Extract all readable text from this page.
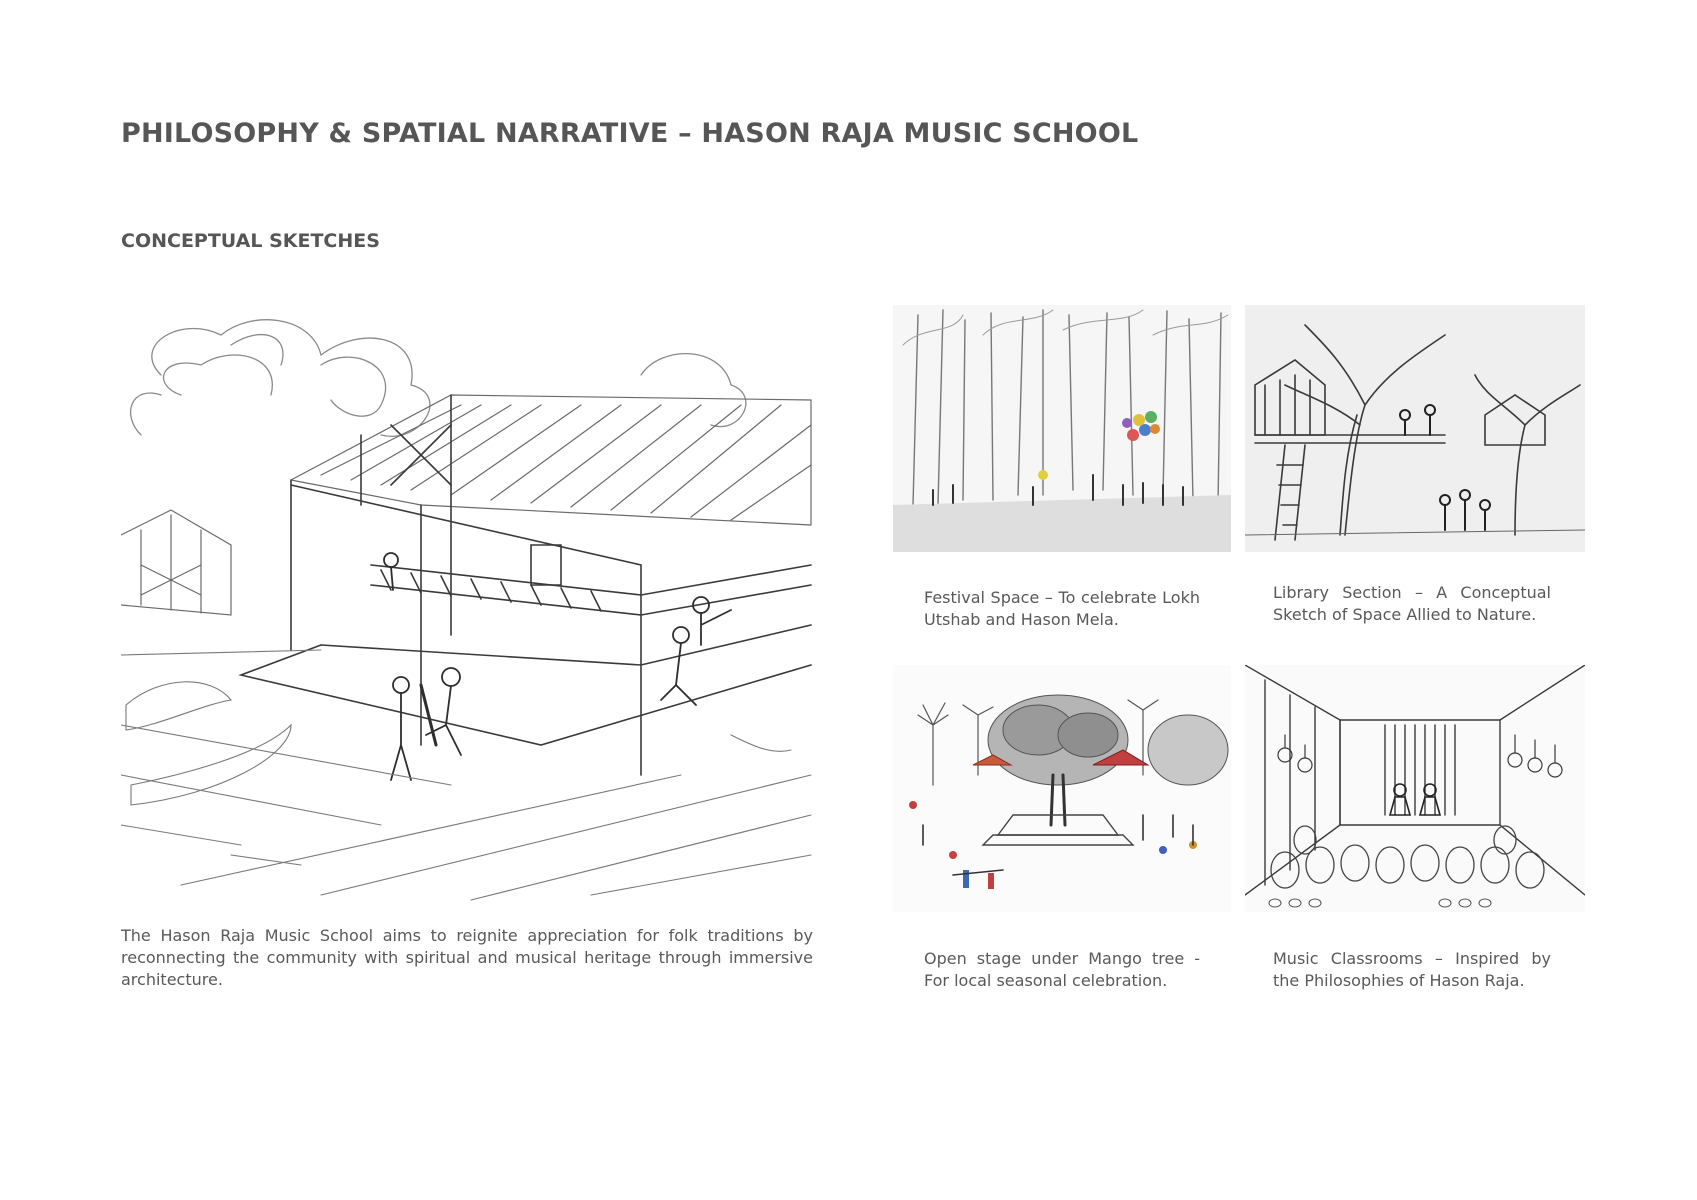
PHILOSOPHY & SPATIAL NARRATIVE – HASON RAJA MUSIC SCHOOL
CONCEPTUAL SKETCHES

The Hason Raja Music School aims to reignite appreciation for folk traditions by reconnecting the community with spiritual and musical heritage through immersive architecture.

Festival Space – To celebrate Lokh Utshab and Hason Mela.

Library Section – A Conceptual Sketch of Space Allied to Nature.

Open stage under Mango tree - For local seasonal celebration.

Music Classrooms – Inspired by the Philosophies of Hason Raja.
